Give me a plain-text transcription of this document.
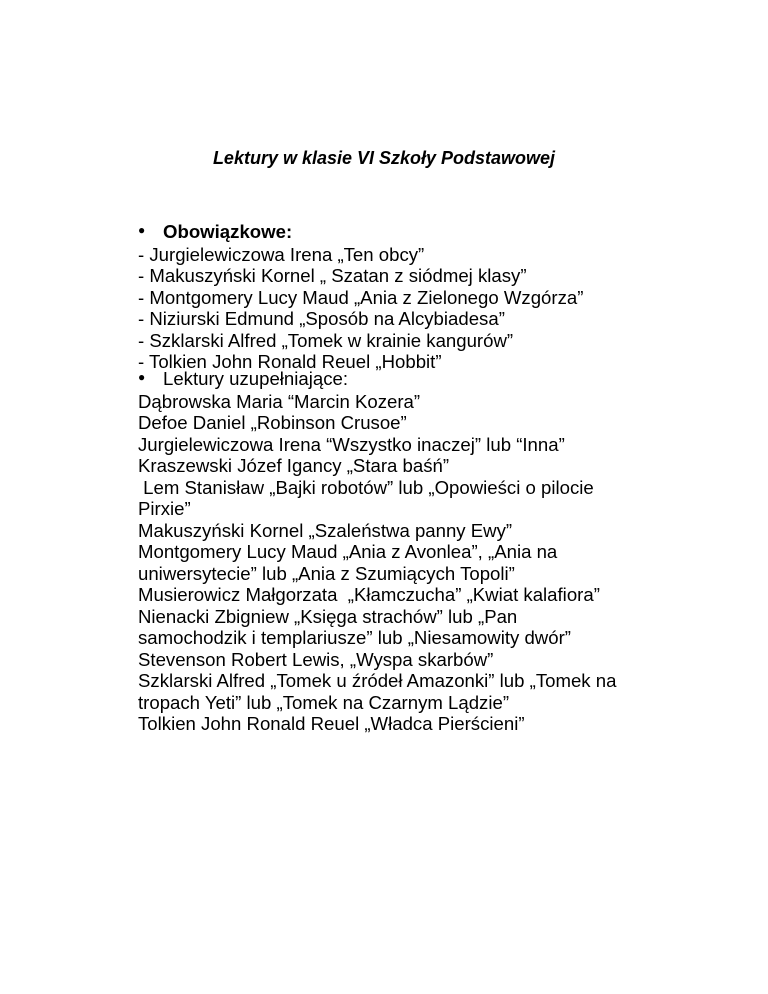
Lektury w klasie VI Szkoły Podstawowej
● Obowiązkowe:
- Jurgielewiczowa Irena „Ten obcy”
- Makuszyński Kornel „ Szatan z siódmej klasy”
- Montgomery Lucy Maud „Ania z Zielonego Wzgórza”
- Niziurski Edmund „Sposób na Alcybiadesa”
- Szklarski Alfred „Tomek w krainie kangurów”
- Tolkien John Ronald Reuel „Hobbit”
● Lektury uzupełniające:
Dąbrowska Maria “Marcin Kozera”
Defoe Daniel „Robinson Crusoe”
Jurgielewiczowa Irena “Wszystko inaczej” lub “Inna”
Kraszewski Józef Igancy „Stara baśń”
Lem Stanisław „Bajki robotów” lub „Opowieści o pilocie
Pirxie”
Makuszyński Kornel „Szaleństwa panny Ewy”
Montgomery Lucy Maud „Ania z Avonlea”, „Ania na
uniwersytecie” lub „Ania z Szumiących Topoli”
Musierowicz Małgorzata  „Kłamczucha” „Kwiat kalafiora”
Nienacki Zbigniew „Księga strachów” lub „Pan
samochodzik i templariusze” lub „Niesamowity dwór”
Stevenson Robert Lewis, „Wyspa skarbów”
Szklarski Alfred „Tomek u źródeł Amazonki” lub „Tomek na
tropach Yeti” lub „Tomek na Czarnym Lądzie”
Tolkien John Ronald Reuel „Władca Pierścieni”
